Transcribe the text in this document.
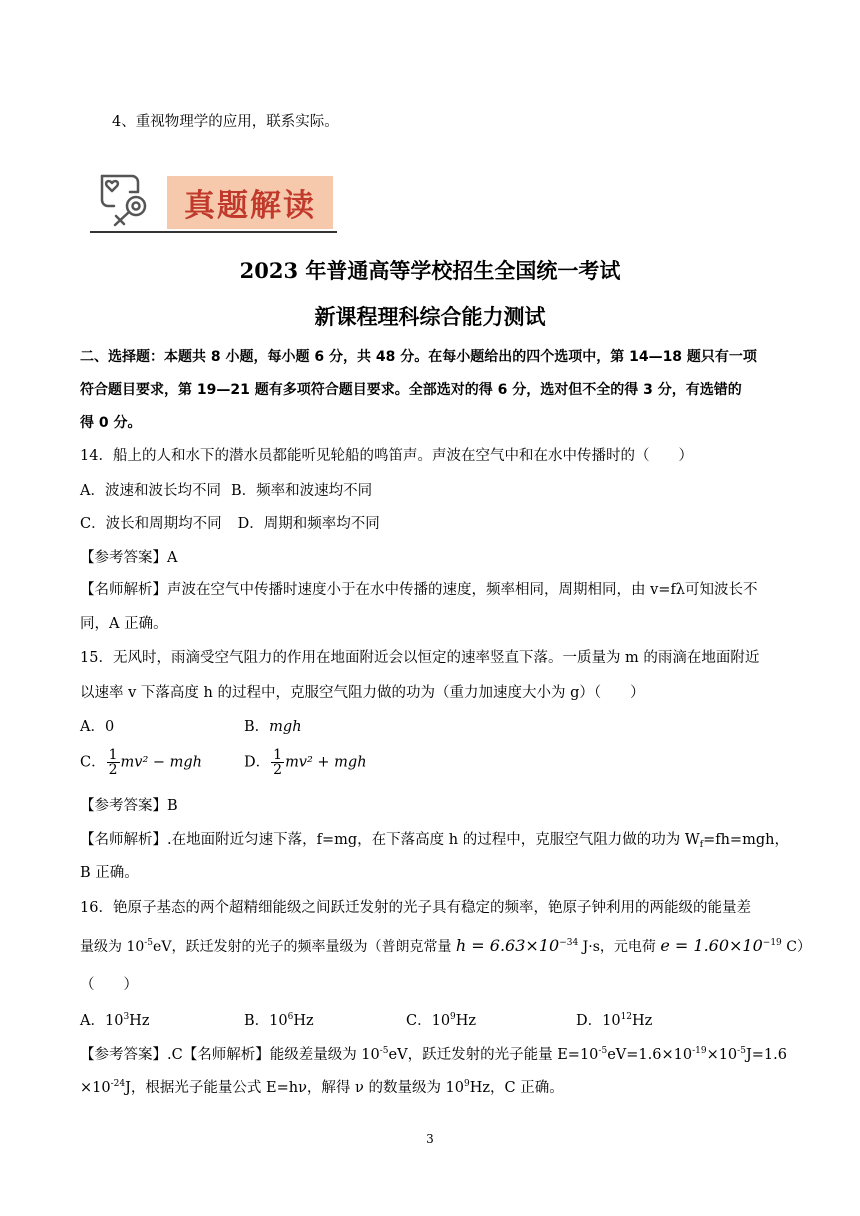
4、重视物理学的应用，联系实际。
真题解读
2023 年普通高等学校招生全国统一考试
新课程理科综合能力测试
二、选择题：本题共 8 小题，每小题 6 分，共 48 分。在每小题给出的四个选项中，第 14—18 题只有一项
符合题目要求，第 19—21 题有多项符合题目要求。全部选对的得 6 分，选对但不全的得 3 分，有选错的
得 0 分。
14．船上的人和水下的潜水员都能听见轮船的鸣笛声。声波在空气中和在水中传播时的（　　）
A．波速和波长均不同 B．频率和波速均不同
C．波长和周期均不同 D．周期和频率均不同
【参考答案】A
【名师解析】声波在空气中传播时速度小于在水中传播的速度，频率相同，周期相同，由 v=fλ可知波长不
同，A 正确。
15．无风时，雨滴受空气阻力的作用在地面附近会以恒定的速率竖直下落。一质量为 m 的雨滴在地面附近
以速率 v 下落高度 h 的过程中，克服空气阻力做的功为（重力加速度大小为 g）（　　）
A．0	B．mgh
C． $\frac{1}{2} mv^2$ − mgh	D． $\frac{1}{2} mv^2$ + mgh
【参考答案】B
【名师解析】.在地面附近匀速下落，f=mg，在下落高度 h 的过程中，克服空气阻力做的功为 $W_f=fh=mgh$，
B 正确。
16．铯原子基态的两个超精细能级之间跃迁发射的光子具有稳定的频率，铯原子钟利用的两能级的能量差
量级为 $10^{-5}eV$，跃迁发射的光子的频率量级为（普朗克常量 $h = 6.63\times 10^{-34}$ J·s，元电荷 $e = 1.60\times 10^{-19}$ C）
（　　）
A．$10^3Hz$	B．$10^6Hz$	C．$10^9Hz$	D．$10^{12}Hz$
【参考答案】.C【名师解析】能级差量级为 $10^{-5}eV$，跃迁发射的光子能量 $E=10^{-5}eV=1.6\times 10^{-19}\times 10^{-5}J=1.6$
$\times 10^{-24}J$，根据光子能量公式 E=hν，解得 ν 的数量级为 $10^9Hz$，C 正确。
3
